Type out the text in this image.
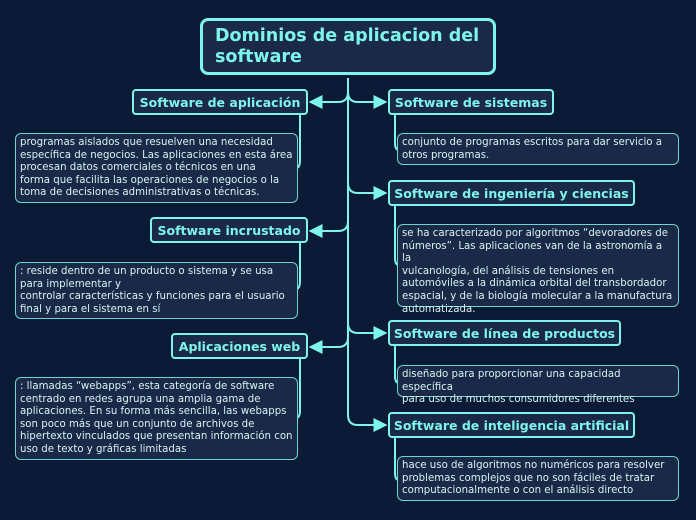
Dominios de aplicacion del software
Software de aplicación
programas aislados que resuelven una necesidad
específica de negocios. Las aplicaciones en esta área
procesan datos comerciales o técnicos en una
forma que facilita las operaciones de negocios o la
toma de decisiones administrativas o técnicas.
Software incrustado
: reside dentro de un producto o sistema y se usa
para implementar y
controlar características y funciones para el usuario
final y para el sistema en sí
Aplicaciones web
: llamadas “webapps”, esta categoría de software
centrado en redes agrupa una amplia gama de
aplicaciones. En su forma más sencilla, las webapps
son poco más que un conjunto de archivos de
hipertexto vinculados que presentan información con
uso de texto y gráficas limitadas
Software de sistemas
conjunto de programas escritos para dar servicio a
otros programas.
Software de ingeniería y ciencias
se ha caracterizado por algoritmos “devoradores de
números”. Las aplicaciones van de la astronomía a la
vulcanología, del análisis de tensiones en
automóviles a la dinámica orbital del transbordador
espacial, y de la biología molecular a la manufactura
automatizada.
Software de línea de productos
diseñado para proporcionar una capacidad específica
para uso de muchos consumidores diferentes
Software de inteligencia artificial
hace uso de algoritmos no numéricos para resolver
problemas complejos que no son fáciles de tratar
computacionalmente o con el análisis directo
